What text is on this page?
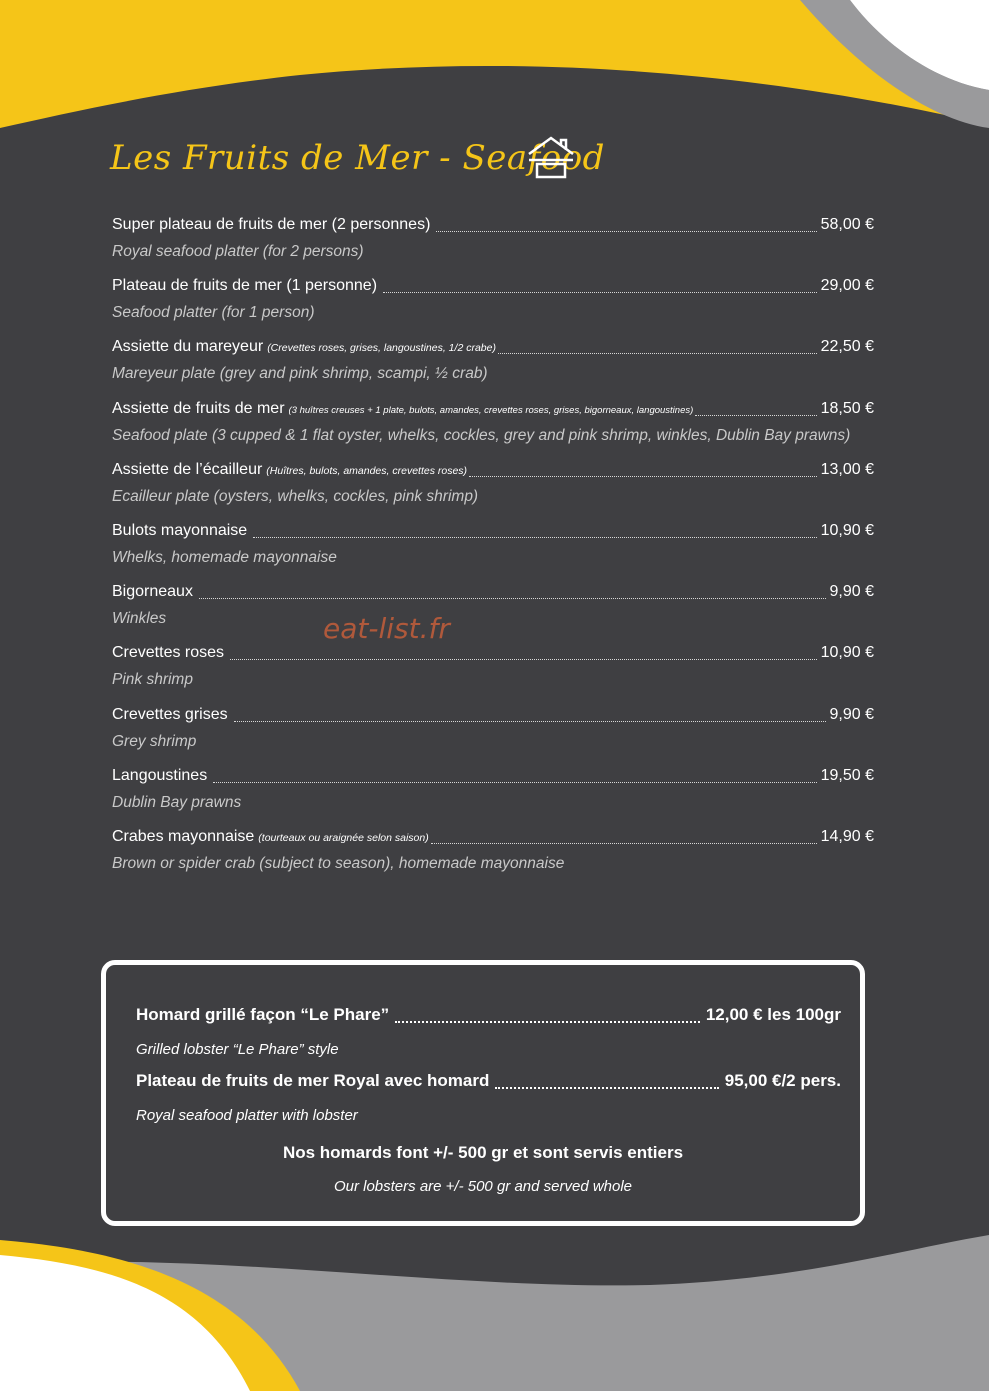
Les Fruits de Mer - Seafood
Super plateau de fruits de mer (2 personnes)	58,00 €
Royal seafood platter (for 2 persons)
Plateau de fruits de mer (1 personne)	29,00 €
Seafood platter (for 1 person)
Assiette du mareyeur (Crevettes roses, grises, langoustines, 1/2 crabe)	22,50 €
Mareyeur plate (grey and pink shrimp, scampi, ½ crab)
Assiette de fruits de mer (3 huîtres creuses + 1 plate, bulots, amandes, crevettes roses, grises, bigorneaux, langoustines)	18,50 €
Seafood plate (3 cupped & 1 flat oyster, whelks, cockles, grey and pink shrimp, winkles, Dublin Bay prawns)
Assiette de l’écailleur (Huîtres, bulots, amandes, crevettes roses)	13,00 €
Ecailleur plate (oysters, whelks, cockles, pink shrimp)
Bulots mayonnaise	10,90 €
Whelks, homemade mayonnaise
Bigorneaux	9,90 €
Winkles
Crevettes roses	10,90 €
Pink shrimp
Crevettes grises	9,90 €
Grey shrimp
Langoustines	19,50 €
Dublin Bay prawns
Crabes mayonnaise (tourteaux ou araignée selon saison)	14,90 €
Brown or spider crab (subject to season), homemade mayonnaise
eat-list.fr
Homard grillé façon “Le Phare”	12,00 € les 100gr
Grilled lobster “Le Phare” style
Plateau de fruits de mer Royal avec homard	95,00 €/2 pers.
Royal seafood platter with lobster
Nos homards font +/- 500 gr et sont servis entiers
Our lobsters are +/- 500 gr and served whole
